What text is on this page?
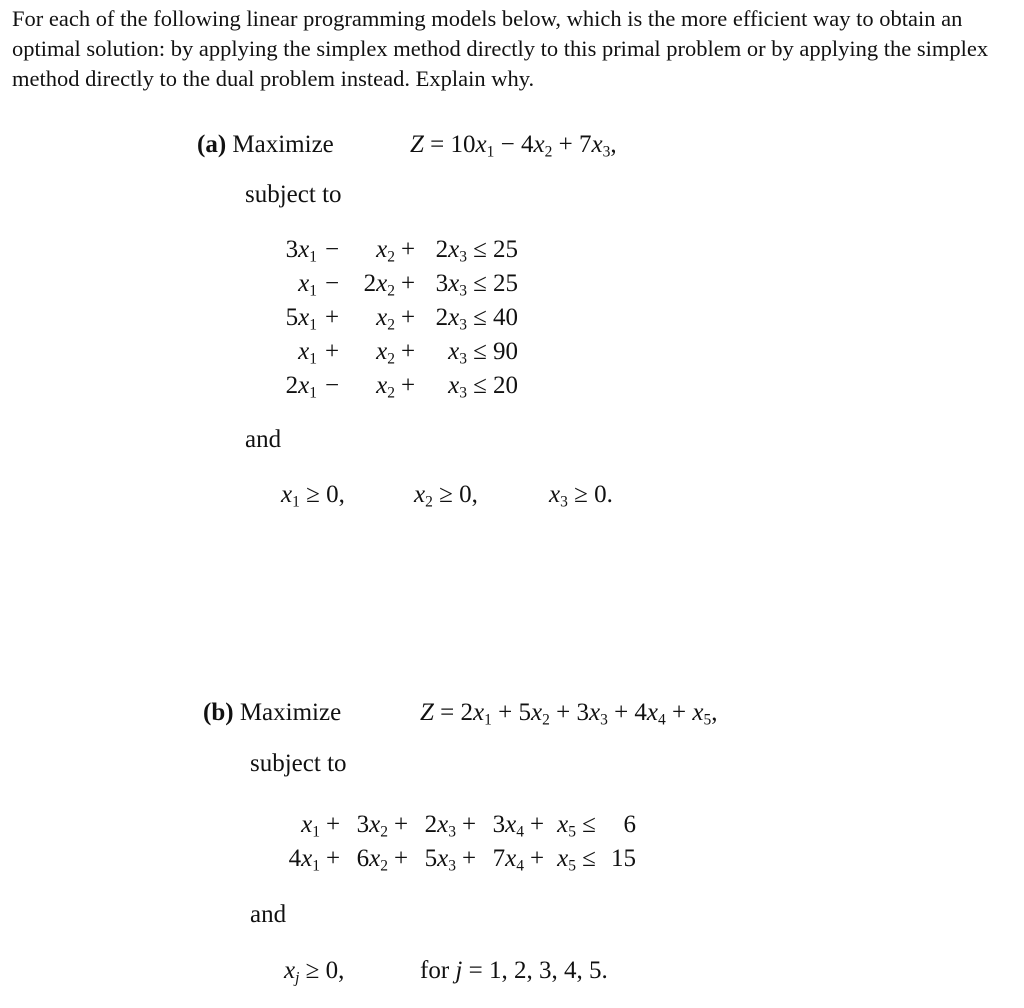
For each of the following linear programming models below, which is the more efficient way to obtain an optimal solution: by applying the simplex method directly to this primal problem or by applying the simplex method directly to the dual problem instead. Explain why.

(a) Maximize	$Z = 10x_1 - 4x_2 + 7x_3$,
subject to
$3x_1$	−	$x_2$	+	$2x_3$	≤	25
$x_1$	−	$2x_2$	+	$3x_3$	≤	25
$5x_1$	+	$x_2$	+	$2x_3$	≤	40
$x_1$	+	$x_2$	+	$x_3$	≤	90
$2x_1$	−	$x_2$	+	$x_3$	≤	20
and
$x_1 \ge 0$,	$x_2 \ge 0$,	$x_3 \ge 0$.
(b) Maximize	$Z = 2x_1 + 5x_2 + 3x_3 + 4x_4 + x_5$,
subject to
$x_1$	+	$3x_2$	+	$2x_3$	+	$3x_4$	+	$x_5$	≤	6
$4x_1$	+	$6x_2$	+	$5x_3$	+	$7x_4$	+	$x_5$	≤	15
and
$x_j \ge 0$,	for j = 1, 2, 3, 4, 5.
